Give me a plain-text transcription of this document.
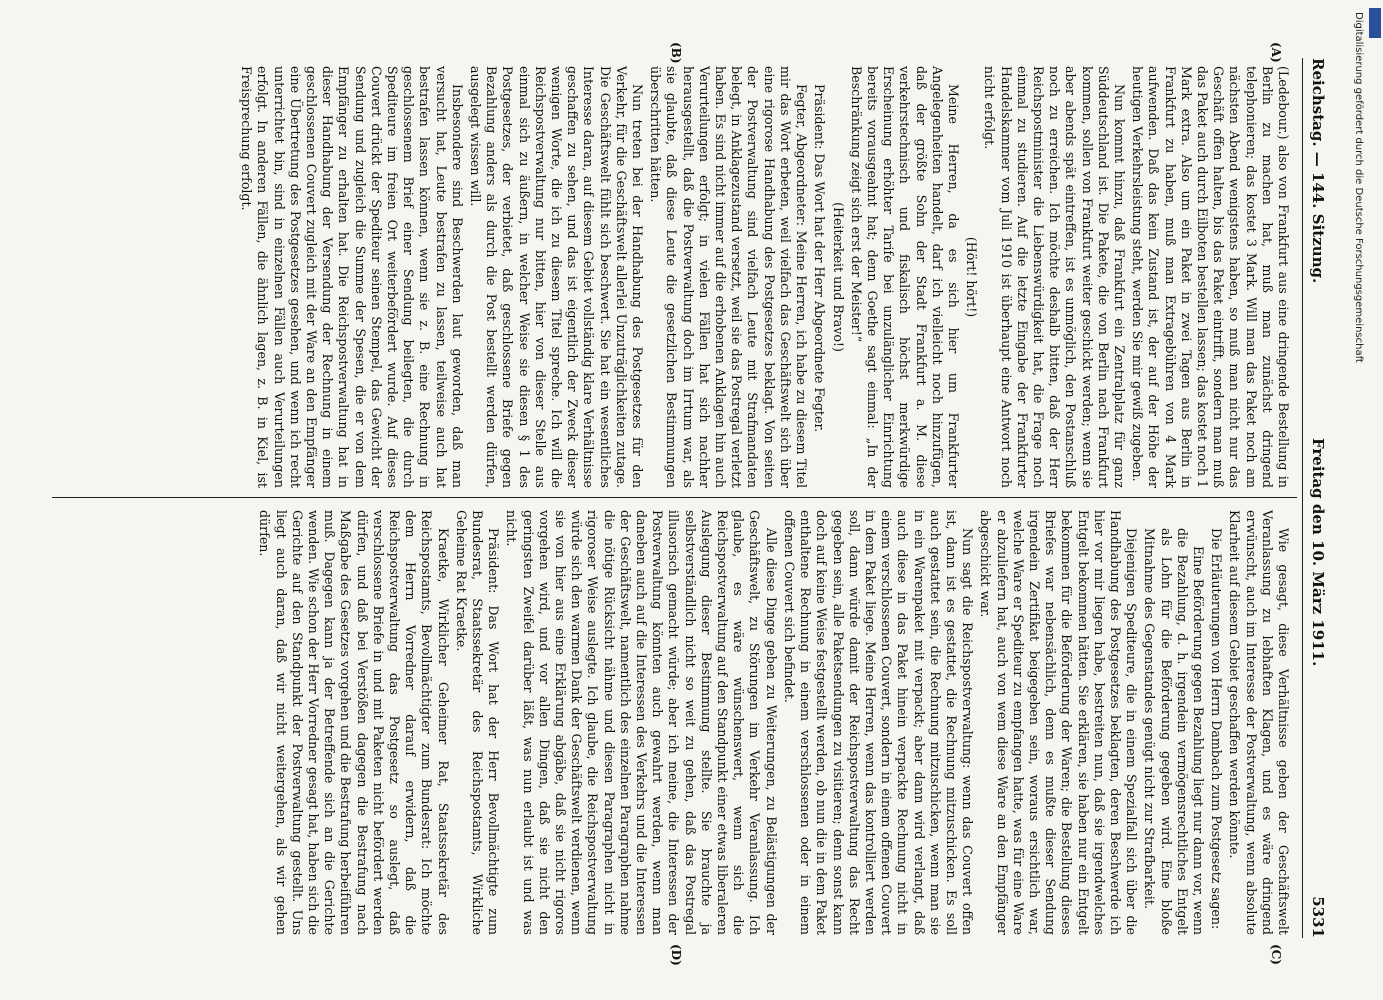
Reichstag. — 144. Sitzung.
Freitag den 10. März 1911.
5331
(A)
(B)
(C)
(D)

(Ledebour.) also von Frankfurt aus eine dringende Bestellung in Berlin zu machen hat, muß man zunächst dringend telephonieren; das kostet 3 Mark. Will man das Paket noch am nächsten Abend wenigstens haben, so muß man nicht nur das Geschäft offen halten, bis das Paket eintrifft, sondern man muß das Paket auch durch Eilboten bestellen lassen; das kostet noch 1 Mark extra. Also um ein Paket in zwei Tagen aus Berlin in Frankfurt zu haben, muß man Extragebühren von 4 Mark aufwenden. Daß das kein Zustand ist, der auf der Höhe der heutigen Verkehrsleistung steht, werden Sie mir gewiß zugeben.

Nun kommt hinzu, daß Frankfurt ein Zentralplatz für ganz Süddeutschland ist. Die Pakete, die von Berlin nach Frankfurt kommen, sollen von Frankfurt weiter geschickt werden; wenn sie aber abends spät eintreffen, ist es unmöglich, den Postanschluß noch zu erreichen. Ich möchte deshalb bitten, daß der Herr Reichspostminister die Liebenswürdigkeit hat, die Frage noch einmal zu studieren. Auf die letzte Eingabe der Frankfurter Handelskammer vom Juli 1910 ist überhaupt eine Antwort noch nicht erfolgt.

(Hört! hört!)

Meine Herren, da es sich hier um Frankfurter Angelegenheiten handelt, darf ich vielleicht noch hinzufügen, daß der größte Sohn der Stadt Frankfurt a. M. diese verkehrstechnisch und fiskalisch höchst merkwürdige Erscheinung erhöhter Tarife bei unzulänglicher Einrichtung bereits vorausgeahnt hat; denn Goethe sagt einmal: „In der Beschränkung zeigt sich erst der Meister!“

(Heiterkeit und Bravo!)

Präsident: Das Wort hat der Herr Abgeordnete Fegter.

Fegter, Abgeordneter: Meine Herren, ich habe zu diesem Titel mir das Wort erbeten, weil vielfach das Geschäftswelt sich über eine rigorose Handhabung des Postgesetzes beklagt. Von seiten der Postverwaltung sind vielfach Leute mit Strafmandaten belegt, in Anklagezustand versetzt, weil sie das Postregal verletzt haben. Es sind nicht immer auf die erhobenen Anklagen hin auch Verurteilungen erfolgt; in vielen Fällen hat sich nachher herausgestellt, daß die Postverwaltung doch im Irrtum war, als sie glaubte, daß diese Leute die gesetzlichen Bestimmungen überschritten hätten.

Nun treten bei der Handhabung des Postgesetzes für den Verkehr, für die Geschäftswelt allerlei Unzuträglichkeiten zutage. Die Geschäftswelt fühlt sich beschwert. Sie hat ein wesentliches Interesse daran, auf diesem Gebiet vollständig klare Verhältnisse geschaffen zu sehen, und das ist eigentlich der Zweck dieser wenigen Worte, die ich zu diesem Titel spreche. Ich will die Reichspostverwaltung nur bitten, hier von dieser Stelle aus einmal sich zu äußern, in welcher Weise sie diesen § 1 des Postgesetzes, der verbietet, daß geschlossene Briefe gegen Bezahlung anders als durch die Post bestellt werden dürfen, ausgelegt wissen will.

Insbesondere sind Beschwerden laut geworden, daß man versucht hat, Leute bestrafen zu lassen, teilweise auch hat bestrafen lassen können, wenn sie z. B. eine Rechnung in geschlossenem Brief einer Sendung beilegten, die durch Spediteure im freien Ort weiterbefördert wurde. Auf dieses Couvert drückt der Spediteur seinen Stempel, das Gewicht der Sendung und zugleich die Summe der Spesen, die er von dem Empfänger zu erhalten hat. Die Reichspostverwaltung hat in dieser Handhabung der Versendung der Rechnung in einem geschlossenen Couvert zugleich mit der Ware an den Empfänger eine Übertretung des Postgesetzes gesehen, und wenn ich recht unterrichtet bin, sind in einzelnen Fällen auch Verurteilungen erfolgt. In anderen Fällen, die ähnlich lagen, z. B. in Kiel, ist Freisprechung erfolgt.

Wie gesagt, diese Verhältnisse geben der Geschäftswelt Veranlassung zu lebhaften Klagen, und es wäre dringend erwünscht, auch im Interesse der Postverwaltung, wenn absolute Klarheit auf diesem Gebiet geschaffen werden könnte.

Die Erläuterungen von Herrn Dambach zum Postgesetz sagen:

Eine Beförderung gegen Bezahlung liegt nur dann vor, wenn die Bezahlung, d. h. irgendein vermögensrechtliches Entgelt als Lohn für die Beförderung gegeben wird. Eine bloße Mitnahme des Gegenstandes genügt nicht zur Strafbarkeit.

Diejenigen Spediteure, die in einem Spezialfall sich über die Handhabung des Postgesetzes beklagten, deren Beschwerde ich hier vor mir liegen habe, bestreiten nun, daß sie irgendwelches Entgelt bekommen hätten. Sie erklären, sie haben nur ein Entgelt bekommen für die Beförderung der Waren; die Bestellung dieses Briefes war nebensächlich, denn es mußte dieser Sendung irgendein Zertifikat beigegeben sein, woraus ersichtlich war, welche Ware er Spediteur zu empfangen hatte, was für eine Ware er abzuliefern hat, auch von wem diese Ware an den Empfänger abgeschickt war.

Nun sagt die Reichspostverwaltung: wenn das Couvert offen ist, dann ist es gestattet, die Rechnung mitzuschicken. Es soll auch gestattet sein, die Rechnung mitzuschicken, wenn man sie in ein Warenpaket mit verpackt; aber dann wird verlangt, daß auch diese in das Paket hinein verpackte Rechnung nicht in einem verschlossenen Couvert, sondern in einem offenen Couvert in dem Paket liege. Meine Herren, wenn das kontrolliert werden soll, dann würde damit der Reichspostverwaltung das Recht gegeben sein, alle Paketsendungen zu visitieren; denn sonst kann doch auf keine Weise festgestellt werden, ob nun die in dem Paket enthaltene Rechnung in einem verschlossenen oder in einem offenen Couvert sich befindet.

Alle diese Dinge geben zu Weiterungen, zu Belästigungen der Geschäftswelt, zu Störungen im Verkehr Veranlassung. Ich glaube, es wäre wünschenswert, wenn sich die Reichspostverwaltung auf den Standpunkt einer etwas liberaleren Auslegung dieser Bestimmung stellte. Sie brauchte ja selbstverständlich nicht so weit zu gehen, daß das Postregal illusorisch gemacht würde; aber ich meine, die Interessen der Postverwaltung könnten auch gewahrt werden, wenn man daneben auch auf die Interessen des Verkehrs und die Interessen der Geschäftswelt, namentlich des einzelnen Paragraphen nahme die nötige Rücksicht nähme und diesen Paragraphen nicht in rigoroser Weise auslegte. Ich glaube, die Reichspostverwaltung würde sich den warmen Dank der Geschäftswelt verdienen, wenn sie von hier aus eine Erklärung abgäbe, daß sie nicht rigoros vorgehen wird, und vor allen Dingen, daß sie nicht den geringsten Zweifel darüber läßt, was nun erlaubt ist und was nicht.

Präsident: Das Wort hat der Herr Bevollmächtigte zum Bundesrat, Staatssekretär des Reichspostamts, Wirkliche Geheime Rat Kraetke.

Kraetke, Wirklicher Geheimer Rat, Staatssekretär des Reichspostamts, Bevollmächtigter zum Bundesrat: Ich möchte dem Herrn Vorredner darauf erwidern, daß die Reichspostverwaltung das Postgesetz so auslegt, daß verschlossene Briefe in und mit Paketen nicht befördert werden dürfen, und daß bei Verstößen dagegen die Bestrafung nach Maßgabe des Gesetzes vorgehen und die Bestrafung herbeiführen muß. Dagegen kann ja der Betreffende sich an die Gerichte wenden. Wie schon der Herr Vorredner gesagt hat, haben sich die Gerichte auf den Standpunkt der Postverwaltung gestellt. Uns liegt auch daran, daß wir nicht weitergehen, als wir gehen dürfen.

Digitalisierung gefördert durch die Deutsche Forschungsgemeinschaft
